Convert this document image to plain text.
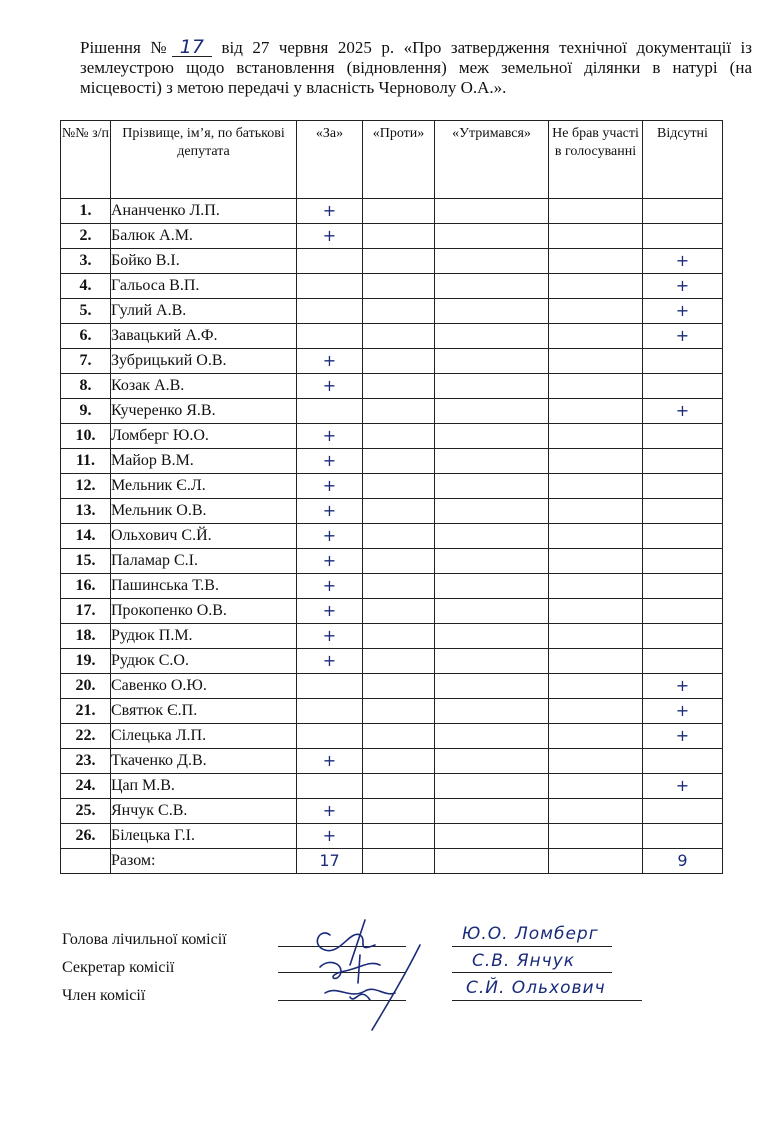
Рішення № 17 від 27 червня 2025 р. «Про затвердження технічної документації із землеустрою щодо встановлення (відновлення) меж земельної ділянки в натурі (на місцевості) з метою передачі у власність Черноволу О.А.».
№№ з/п	Прізвище, ім’я, по батькові депутата	«За»	«Проти»	«Утримався»	Не брав участі в голосуванні	Відсутні
1.	Ананченко Л.П.	+				
2.	Балюк А.М.	+				
3.	Бойко В.І.					+
4.	Гальоса В.П.					+
5.	Гулий А.В.					+
6.	Завацький А.Ф.					+
7.	Зубрицький О.В.	+				
8.	Козак А.В.	+				
9.	Кучеренко Я.В.					+
10.	Ломберг Ю.О.	+				
11.	Майор В.М.	+				
12.	Мельник Є.Л.	+				
13.	Мельник О.В.	+				
14.	Ольхович С.Й.	+				
15.	Паламар С.І.	+				
16.	Пашинська Т.В.	+				
17.	Прокопенко О.В.	+				
18.	Рудюк П.М.	+				
19.	Рудюк С.О.	+				
20.	Савенко О.Ю.					+
21.	Святюк Є.П.					+
22.	Сілецька Л.П.					+
23.	Ткаченко Д.В.	+				
24.	Цап М.В.					+
25.	Янчук С.В.	+				
26.	Білецька Г.І.	+				
	Разом:	17				9
Голова лічильної комісії
Секретар комісії
Член комісії
Ю.О. Ломберг
С.В. Янчук
С.Й. Ольхович
